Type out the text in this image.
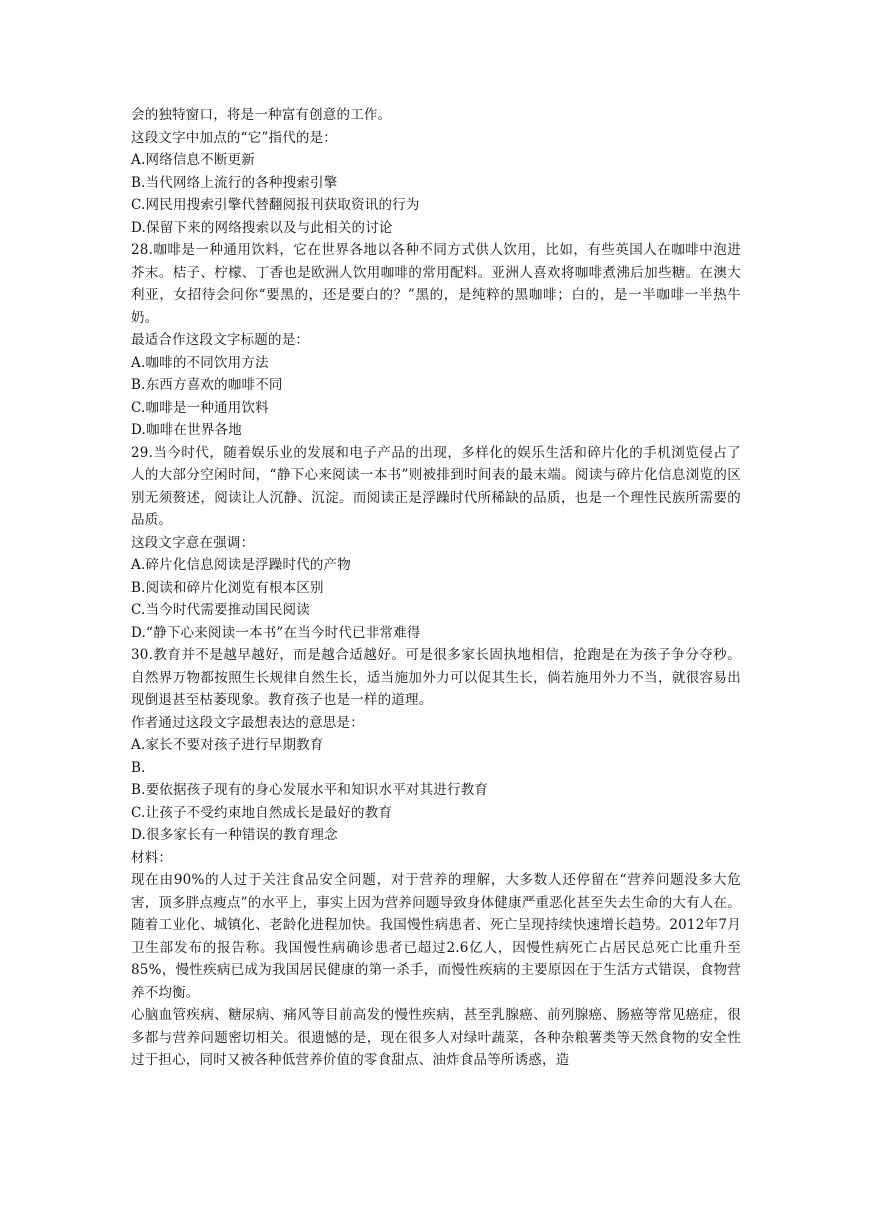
会的独特窗口，将是一种富有创意的工作。
这段文字中加点的“它”指代的是：
A.网络信息不断更新
B.当代网络上流行的各种搜索引擎
C.网民用搜索引擎代替翻阅报刊获取资讯的行为
D.保留下来的网络搜索以及与此相关的讨论
28.咖啡是一种通用饮料，它在世界各地以各种不同方式供人饮用，比如，有些英国人在咖啡中泡进芥末。桔子、柠檬、丁香也是欧洲人饮用咖啡的常用配料。亚洲人喜欢将咖啡煮沸后加些糖。在澳大利亚，女招待会问你“要黑的，还是要白的？”黑的，是纯粹的黑咖啡；白的，是一半咖啡一半热牛奶。
最适合作这段文字标题的是：
A.咖啡的不同饮用方法
B.东西方喜欢的咖啡不同
C.咖啡是一种通用饮料
D.咖啡在世界各地
29.当今时代，随着娱乐业的发展和电子产品的出现，多样化的娱乐生活和碎片化的手机浏览侵占了人的大部分空闲时间，“静下心来阅读一本书”则被排到时间表的最末端。阅读与碎片化信息浏览的区别无须赘述，阅读让人沉静、沉淀。而阅读正是浮躁时代所稀缺的品质，也是一个理性民族所需要的品质。
这段文字意在强调：
A.碎片化信息阅读是浮躁时代的产物
B.阅读和碎片化浏览有根本区别
C.当今时代需要推动国民阅读
D.“静下心来阅读一本书”在当今时代已非常难得
30.教育并不是越早越好，而是越合适越好。可是很多家长固执地相信，抢跑是在为孩子争分夺秒。自然界万物都按照生长规律自然生长，适当施加外力可以促其生长，倘若施用外力不当，就很容易出现倒退甚至枯萎现象。教育孩子也是一样的道理。
作者通过这段文字最想表达的意思是：
A.家长不要对孩子进行早期教育
B.
B.要依据孩子现有的身心发展水平和知识水平对其进行教育
C.让孩子不受约束地自然成长是最好的教育
D.很多家长有一种错误的教育理念
材料：
现在由90%的人过于关注食品安全问题，对于营养的理解，大多数人还停留在“营养问题没多大危害，顶多胖点瘦点”的水平上，事实上因为营养问题导致身体健康严重恶化甚至失去生命的大有人在。
随着工业化、城镇化、老龄化进程加快。我国慢性病患者、死亡呈现持续快速增长趋势。2012年7月卫生部发布的报告称。我国慢性病确诊患者已超过2.6亿人，因慢性病死亡占居民总死亡比重升至85%，慢性疾病已成为我国居民健康的第一杀手，而慢性疾病的主要原因在于生活方式错误，食物营养不均衡。
心脑血管疾病、糖尿病、痛风等目前高发的慢性疾病，甚至乳腺癌、前列腺癌、肠癌等常见癌症，很多都与营养问题密切相关。很遗憾的是，现在很多人对绿叶蔬菜，各种杂粮薯类等天然食物的安全性过于担心，同时又被各种低营养价值的零食甜点、油炸食品等所诱惑，造
